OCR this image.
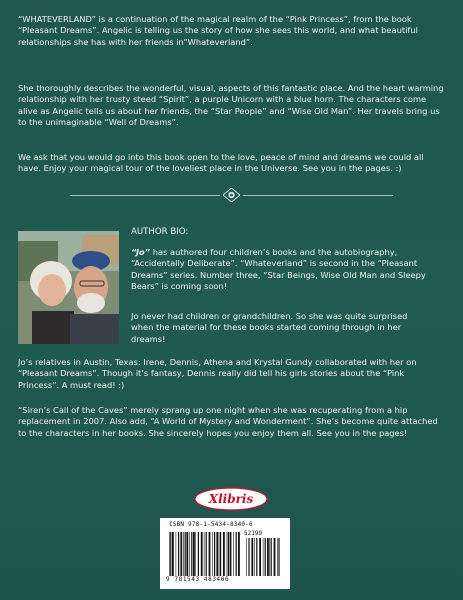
“WHATEVERLAND” is a continuation of the magical realm of the “Pink Princess”, from the book “Pleasant Dreams”. Angelic is telling us the story of how she sees this world, and what beautiful relationships she has with her friends in”Whateverland”.

She thoroughly describes the wonderful, visual, aspects of this fantastic place. And the heart warming relationship with her trusty steed “Spirit”, a purple Unicorn with a blue horn. The characters come alive as Angelic tells us about her friends, the “Star People” and “Wise Old Man”. Her travels bring us to the unimaginable “Well of Dreams”.

We ask that you would go into this book open to the love, peace of mind and dreams we could all have. Enjoy your magical tour of the loveliest place in the Universe. See you in the pages. :)

AUTHOR BIO:

“Jo” has authored four children’s books and the autobiography, “Accidentally Deliberate”. “Whateverland” is second in the “Pleasant Dreams” series. Number three, “Star Beings, Wise Old Man and Sleepy Bears” is coming soon!

Jo never had children or grandchildren. So she was quite surprised when the material for these books started coming through in her dreams!

Jo’s relatives in Austin, Texas: Irene, Dennis, Athena and Krystal Gundy collaborated with her on “Pleasant Dreams”. Though it’s fantasy, Dennis really did tell his girls stories about the “Pink Princess”. A must read! :)

“Siren’s Call of the Caves” merely sprang up one night when she was recuperating from a hip replacement in 2007. Also add, “A World of Mystery and Wonderment”. She’s become quite attached to the characters in her books. She sincerely hopes you enjoy them all. See you in the pages!

Xlibris
ISBN 978-1-5434-8340-6
52199
9 781543 483406
